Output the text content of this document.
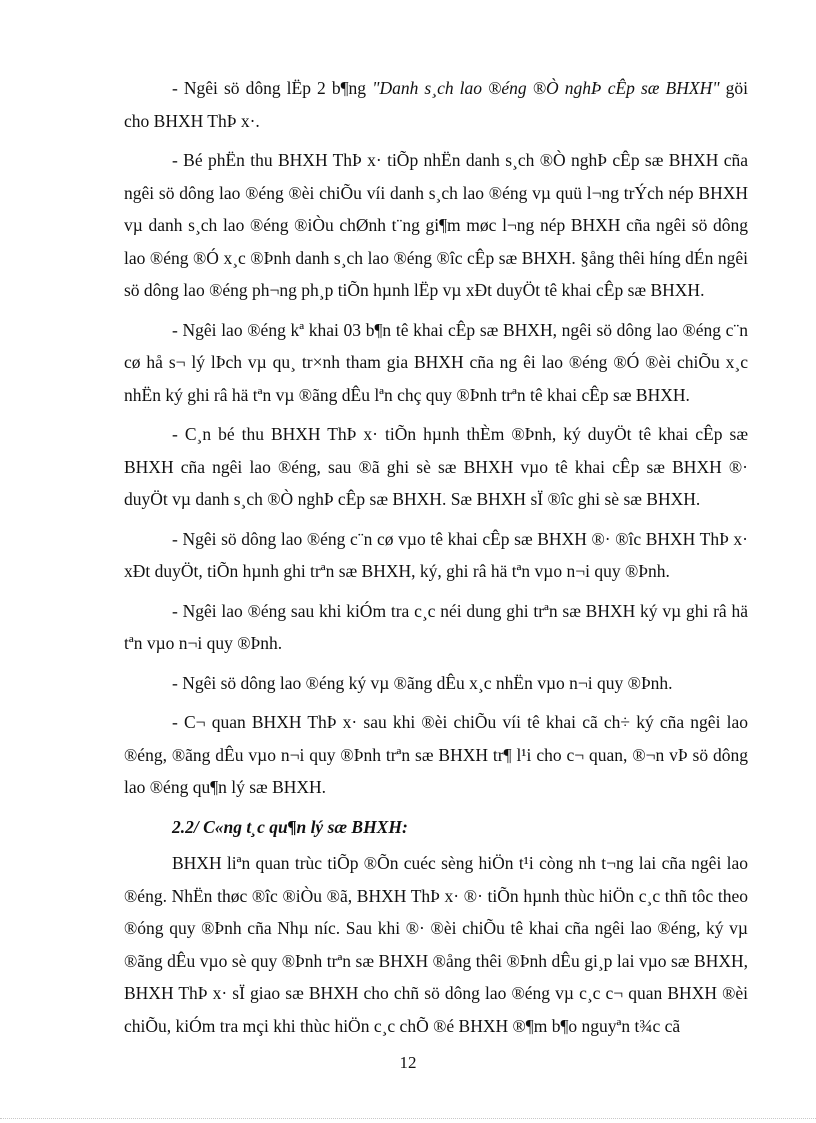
- Ngêi sö dông lËp 2 b¶ng "Danh s¸ch lao ®éng ®Ò nghÞ cÊp sæ BHXH" göi cho BHXH ThÞ x·.

- Bé phËn thu BHXH ThÞ x· tiÕp nhËn danh s¸ch ®Ò nghÞ cÊp sæ BHXH cña ngêi sö dông lao ®éng ®èi chiÕu víi danh s¸ch lao ®éng vµ quü l¬ng trÝch nép BHXH vµ danh s¸ch lao ®éng ®iÒu chØnh t¨ng gi¶m møc l¬ng nép BHXH cña ngêi sö dông lao ®éng ®Ó x¸c ®Þnh danh s¸ch lao ®éng ®îc cÊp sæ BHXH. §ång thêi híng dÉn ngêi sö dông lao ®éng ph¬ng ph¸p tiÕn hµnh lËp vµ xÐt duyÖt tê khai cÊp sæ BHXH.

- Ngêi lao ®éng kª khai 03 b¶n tê khai cÊp sæ BHXH, ngêi sö dông lao ®éng c¨n cø hå s¬ lý lÞch vµ qu¸ tr×nh tham gia BHXH cña ng êi lao ®éng ®Ó ®èi chiÕu x¸c nhËn ký ghi râ hä tªn vµ ®ãng dÊu lªn chç quy ®Þnh trªn tê khai cÊp sæ BHXH.

- C¸n bé thu BHXH ThÞ x· tiÕn hµnh thÈm ®Þnh, ký duyÖt tê khai cÊp sæ BHXH cña ngêi lao ®éng, sau ®ã ghi sè sæ BHXH vµo tê khai cÊp sæ BHXH ®· duyÖt vµ danh s¸ch ®Ò nghÞ cÊp sæ BHXH. Sæ BHXH sÏ ®îc ghi sè sæ BHXH.

- Ngêi sö dông lao ®éng c¨n cø vµo tê khai cÊp sæ BHXH ®· ®îc BHXH ThÞ x· xÐt duyÖt, tiÕn hµnh ghi trªn sæ BHXH, ký, ghi râ hä tªn vµo n¬i quy ®Þnh.

- Ngêi lao ®éng sau khi kiÓm tra c¸c néi dung ghi trªn sæ BHXH ký vµ ghi râ hä tªn vµo n¬i quy ®Þnh.

- Ngêi sö dông lao ®éng ký vµ ®ãng dÊu x¸c nhËn vµo n¬i quy ®Þnh.

- C¬ quan BHXH ThÞ x· sau khi ®èi chiÕu víi tê khai cã ch÷ ký cña ngêi lao ®éng, ®ãng dÊu vµo n¬i quy ®Þnh trªn sæ BHXH tr¶ l¹i cho c¬ quan, ®¬n vÞ sö dông lao ®éng qu¶n lý sæ BHXH.

2.2/ C«ng t¸c qu¶n lý sæ BHXH:

BHXH liªn quan trùc tiÕp ®Õn cuéc sèng hiÖn t¹i còng nh t¬ng lai cña ngêi lao ®éng. NhËn thøc ®îc ®iÒu ®ã, BHXH ThÞ x· ®· tiÕn hµnh thùc hiÖn c¸c thñ tôc theo ®óng quy ®Þnh cña Nhµ níc. Sau khi ®· ®èi chiÕu tê khai cña ngêi lao ®éng, ký vµ ®ãng dÊu vµo sè quy ®Þnh trªn sæ BHXH ®ång thêi ®Þnh dÊu gi¸p lai vµo sæ BHXH, BHXH ThÞ x· sÏ giao sæ BHXH cho chñ sö dông lao ®éng vµ c¸c c¬ quan BHXH ®èi chiÕu, kiÓm tra mçi khi thùc hiÖn c¸c chÕ ®é BHXH ®¶m b¶o nguyªn t¾c cã

12
